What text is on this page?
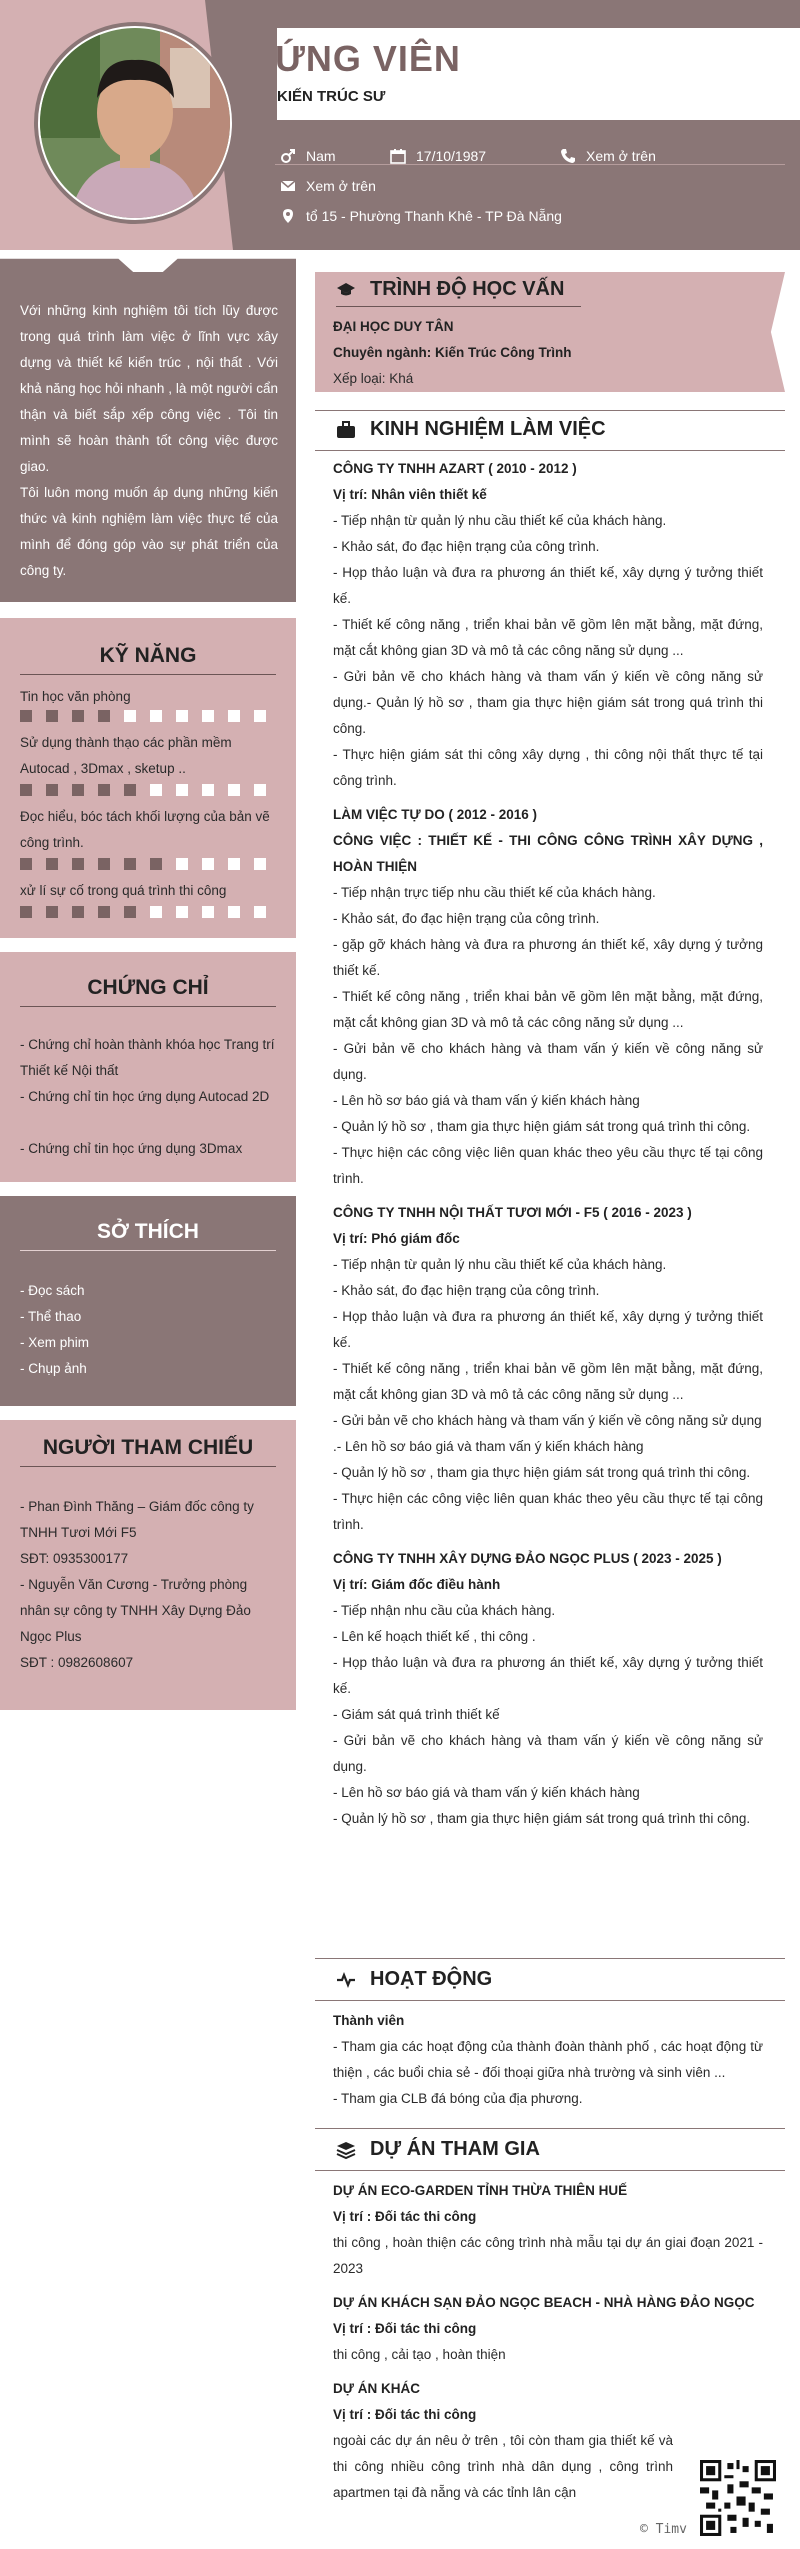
ỨNG VIÊN
KIẾN TRÚC SƯ
Nam	17/10/1987	Xem ở trên
Xem ở trên
tổ 15 - Phường Thanh Khê - TP Đà Nẵng

Với những kinh nghiệm tôi tích lũy được trong quá trình làm việc ở lĩnh vực xây dựng và thiết kế kiến trúc , nội thất . Với khả năng học hỏi nhanh , là một người cẩn thận và biết sắp xếp công việc . Tôi tin mình sẽ hoàn thành tốt công việc được giao.

Tôi luôn mong muốn áp dụng những kiến thức và kinh nghiệm làm việc thực tế của mình để đóng góp vào sự phát triển của công ty.

KỸ NĂNG
Tin học văn phòng
Sử dụng thành thạo các phần mềm Autocad , 3Dmax , sketup ..
Đọc hiểu, bóc tách khối lượng của bản vẽ công trình.
xử lí sự cố trong quá trình thi công
CHỨNG CHỈ
- Chứng chỉ hoàn thành khóa học Trang trí Thiết kế Nội thất
- Chứng chỉ tin học ứng dụng Autocad 2D
- Chứng chỉ tin học ứng dụng 3Dmax
SỞ THÍCH
- Đọc sách
- Thể thao
- Xem phim
- Chụp ảnh
NGƯỜI THAM CHIẾU
- Phan Đình Thăng – Giám đốc công ty TNHH Tươi Mới F5
SĐT: 0935300177
- Nguyễn Văn Cương - Trưởng phòng nhân sự công ty TNHH Xây Dựng Đảo Ngọc Plus
SĐT : 0982608607
TRÌNH ĐỘ HỌC VẤN

ĐẠI HỌC DUY TÂN

Chuyên ngành: Kiến Trúc Công Trình

Xếp loại: Khá

KINH NGHIỆM LÀM VIỆC

CÔNG TY TNHH AZART ( 2010 - 2012 )

Vị trí: Nhân viên thiết kế

- Tiếp nhận từ quản lý nhu cầu thiết kế của khách hàng.

- Khảo sát, đo đạc hiện trạng của công trình.

- Họp thảo luận và đưa ra phương án thiết kế, xây dựng ý tưởng thiết kế.

- Thiết kế công năng , triển khai bản vẽ gồm lên mặt bằng, mặt đứng, mặt cắt không gian 3D và mô tả các công năng sử dụng ...

- Gửi bản vẽ cho khách hàng và tham vấn ý kiến về công năng sử dụng.- Quản lý hồ sơ , tham gia thực hiện giám sát trong quá trình thi công.

- Thực hiện giám sát thi công xây dựng , thi công nội thất thực tế tại công trình.

LÀM VIỆC TỰ DO ( 2012 - 2016 )

CÔNG VIỆC : THIẾT KẾ - THI CÔNG CÔNG TRÌNH XÂY DỰNG , HOÀN THIỆN

- Tiếp nhận trực tiếp nhu cầu thiết kế của khách hàng.

- Khảo sát, đo đạc hiện trạng của công trình.

- gặp gỡ khách hàng và đưa ra phương án thiết kế, xây dựng ý tưởng thiết kế.

- Thiết kế công năng , triển khai bản vẽ gồm lên mặt bằng, mặt đứng, mặt cắt không gian 3D và mô tả các công năng sử dụng ...

- Gửi bản vẽ cho khách hàng và tham vấn ý kiến về công năng sử dụng.

- Lên hồ sơ báo giá và tham vấn ý kiến khách hàng

- Quản lý hồ sơ , tham gia thực hiện giám sát trong quá trình thi công.

- Thực hiện các công việc liên quan khác theo yêu cầu thực tế tại công trình.

CÔNG TY TNHH NỘI THẤT TƯƠI MỚI - F5 ( 2016 - 2023 )

Vị trí: Phó giám đốc

- Tiếp nhận từ quản lý nhu cầu thiết kế của khách hàng.

- Khảo sát, đo đạc hiện trạng của công trình.

- Họp thảo luận và đưa ra phương án thiết kế, xây dựng ý tưởng thiết kế.

- Thiết kế công năng , triển khai bản vẽ gồm lên mặt bằng, mặt đứng, mặt cắt không gian 3D và mô tả các công năng sử dụng ...

- Gửi bản vẽ cho khách hàng và tham vấn ý kiến về công năng sử dụng

.- Lên hồ sơ báo giá và tham vấn ý kiến khách hàng

- Quản lý hồ sơ , tham gia thực hiện giám sát trong quá trình thi công.

- Thực hiện các công việc liên quan khác theo yêu cầu thực tế tại công trình.

CÔNG TY TNHH XÂY DỰNG ĐẢO NGỌC PLUS ( 2023 - 2025 )

Vị trí: Giám đốc điều hành

- Tiếp nhận nhu cầu của khách hàng.

- Lên kế hoạch thiết kế , thi công .

- Họp thảo luận và đưa ra phương án thiết kế, xây dựng ý tưởng thiết kế.

- Giám sát quá trình thiết kế

- Gửi bản vẽ cho khách hàng và tham vấn ý kiến về công năng sử dụng.

- Lên hồ sơ báo giá và tham vấn ý kiến khách hàng

- Quản lý hồ sơ , tham gia thực hiện giám sát trong quá trình thi công.

HOẠT ĐỘNG

Thành viên

- Tham gia các hoạt động của thành đoàn thành phố , các hoạt động từ thiện , các buổi chia sẻ - đối thoại giữa nhà trường và sinh viên ...

- Tham gia CLB đá bóng của địa phương.

DỰ ÁN THAM GIA

DỰ ÁN ECO-GARDEN TỈNH THỪA THIÊN HUẾ

Vị trí : Đối tác thi công

thi công , hoàn thiện các công trình nhà mẫu tại dự án giai đoạn 2021 - 2023

DỰ ÁN KHÁCH SẠN ĐẢO NGỌC BEACH - NHÀ HÀNG ĐẢO NGỌC

Vị trí : Đối tác thi công

thi công , cải tạo , hoàn thiện

DỰ ÁN KHÁC

Vị trí : Đối tác thi công

ngoài các dự án nêu ở trên , tôi còn tham gia thiết kế và thi công nhiều công trình nhà dân dụng , công trình apartmen tại đà nẵng và các tỉnh lân cận

© Timv
